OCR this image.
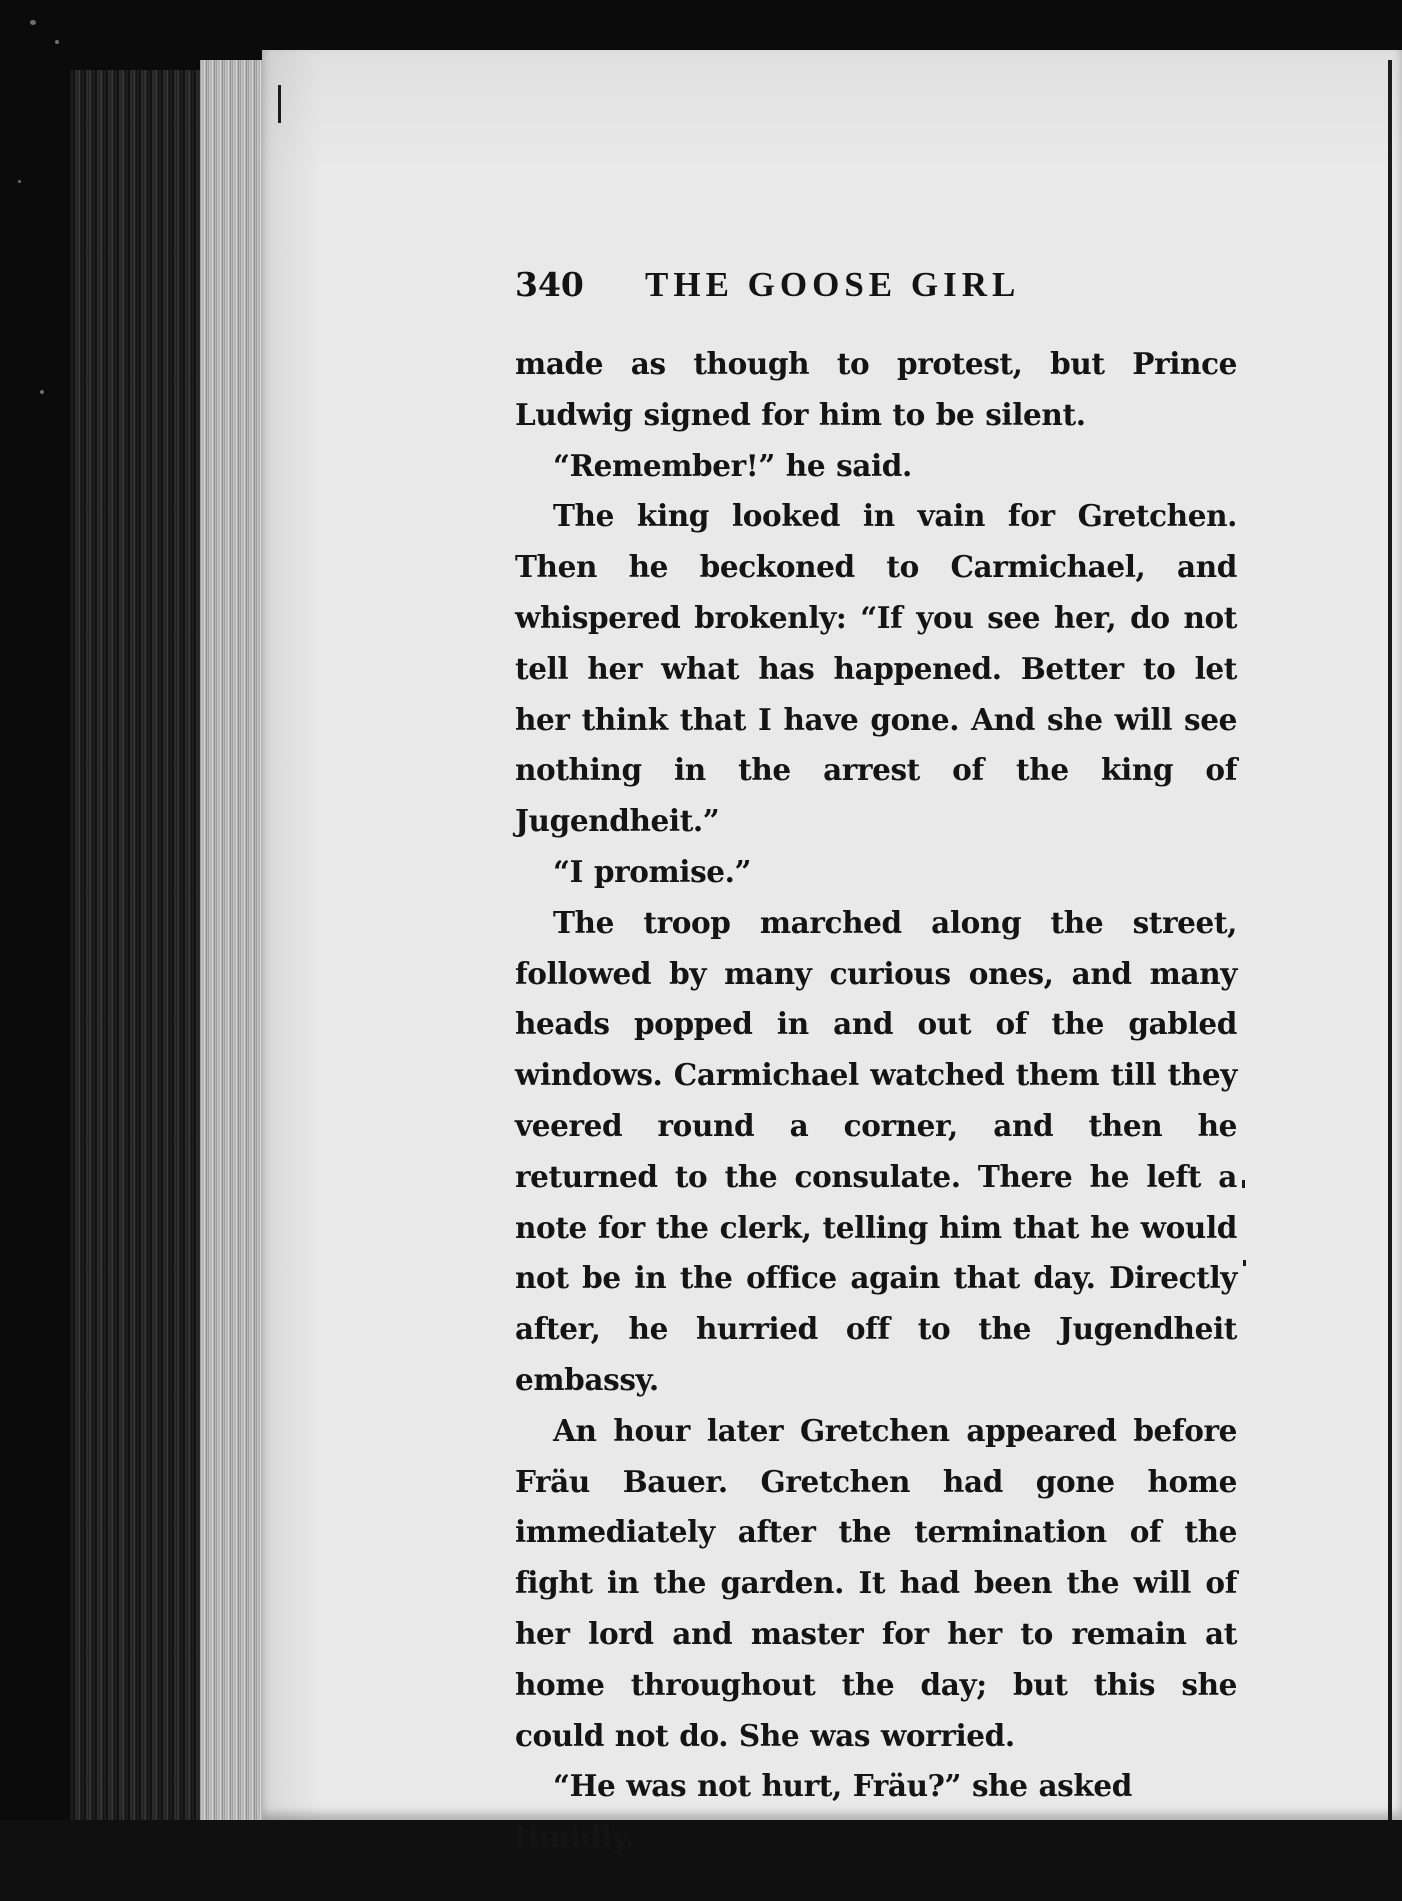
340	THE GOOSE GIRL

made as though to protest, but Prince Ludwig signed for him to be silent.

“Remember!” he said.

The king looked in vain for Gretchen. Then he beckoned to Carmichael, and whispered brokenly: “If you see her, do not tell her what has happened. Better to let her think that I have gone. And she will see nothing in the arrest of the king of Jugendheit.”

“I promise.”

The troop marched along the street, followed by many curious ones, and many heads popped in and out of the gabled windows. Carmichael watched them till they veered round a corner, and then he returned to the consulate. There he left a note for the clerk, telling him that he would not be in the office again that day. Directly after, he hurried off to the Jugendheit embassy.

An hour later Gretchen appeared before Fräu Bauer. Gretchen had gone home immediately after the termination of the fight in the garden. It had been the will of her lord and master for her to remain at home throughout the day; but this she could not do. She was worried.

“He was not hurt, Fräu?” she asked timidly.
